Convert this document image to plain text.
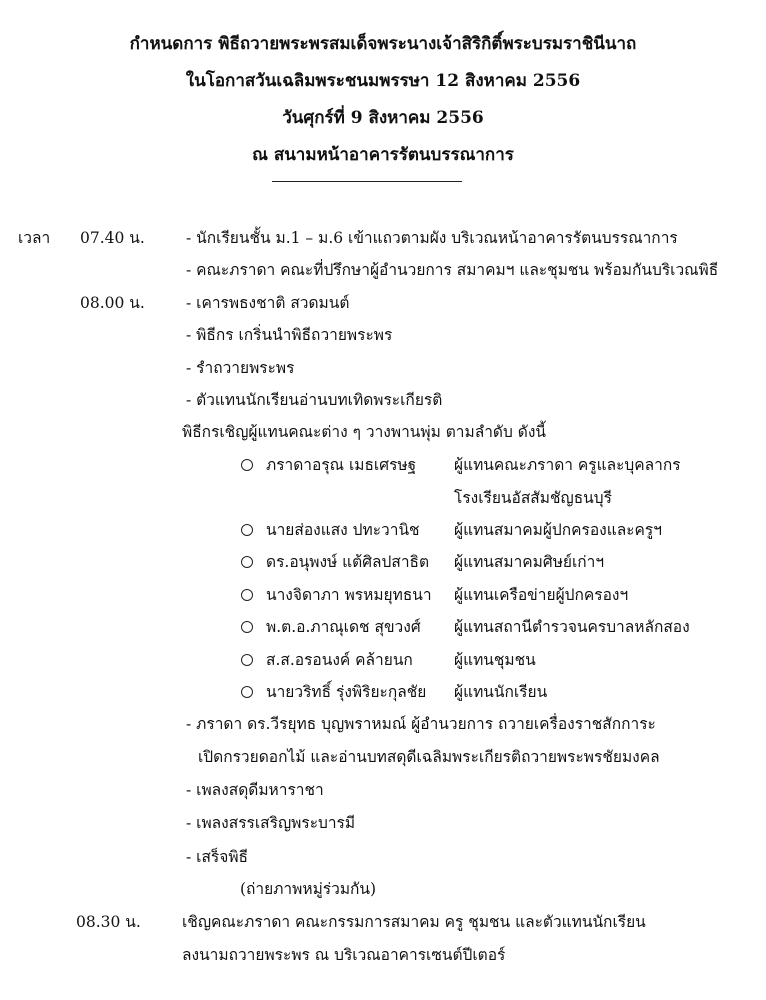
กำหนดการ พิธีถวายพระพรสมเด็จพระนางเจ้าสิริกิติ์พระบรมราชินีนาถ
ในโอกาสวันเฉลิมพระชนมพรรษา 12 สิงหาคม 2556
วันศุกร์ที่ 9 สิงหาคม 2556
ณ สนามหน้าอาคารรัตนบรรณาการ
เวลา 07.40 น.	- นักเรียนชั้น ม.1 – ม.6 เข้าแถวตามผัง บริเวณหน้าอาคารรัตนบรรณาการ
- คณะภราดา คณะที่ปรึกษาผู้อำนวยการ สมาคมฯ และชุมชน พร้อมกันบริเวณพิธี
08.00 น.	- เคารพธงชาติ สวดมนต์
- พิธีกร เกริ่นนำพิธีถวายพระพร
- รำถวายพระพร
- ตัวแทนนักเรียนอ่านบทเทิดพระเกียรติ
พิธีกรเชิญผู้แทนคณะต่าง ๆ วางพานพุ่ม ตามลำดับ ดังนี้
ภราดาอรุณ เมธเศรษฐ ผู้แทนคณะภราดา ครูและบุคลากร
โรงเรียนอัสสัมชัญธนบุรี
นายส่องแสง ปทะวานิช ผู้แทนสมาคมผู้ปกครองและครูฯ
ดร.อนุพงษ์ แต้ศิลปสาธิต ผู้แทนสมาคมศิษย์เก่าฯ
นางจิดาภา พรหมยุทธนา ผู้แทนเครือข่ายผู้ปกครองฯ
พ.ต.อ.ภาณุเดช สุขวงศ์ ผู้แทนสถานีตำรวจนครบาลหลักสอง
ส.ส.อรอนงค์ คล้ายนก	ผู้แทนชุมชน
นายวริทธิ์ รุ่งพิริยะกุลชัย ผู้แทนนักเรียน
- ภราดา ดร.วีรยุทธ บุญพราหมณ์ ผู้อำนวยการ ถวายเครื่องราชสักการะ
เปิดกรวยดอกไม้ และอ่านบทสดุดีเฉลิมพระเกียรติถวายพระพรชัยมงคล
- เพลงสดุดีมหาราชา
- เพลงสรรเสริญพระบารมี
- เสร็จพิธี
(ถ่ายภาพหมู่ร่วมกัน)
08.30 น.	เชิญคณะภราดา คณะกรรมการสมาคม ครู ชุมชน และตัวแทนนักเรียน
ลงนามถวายพระพร ณ บริเวณอาคารเซนต์ปีเตอร์
